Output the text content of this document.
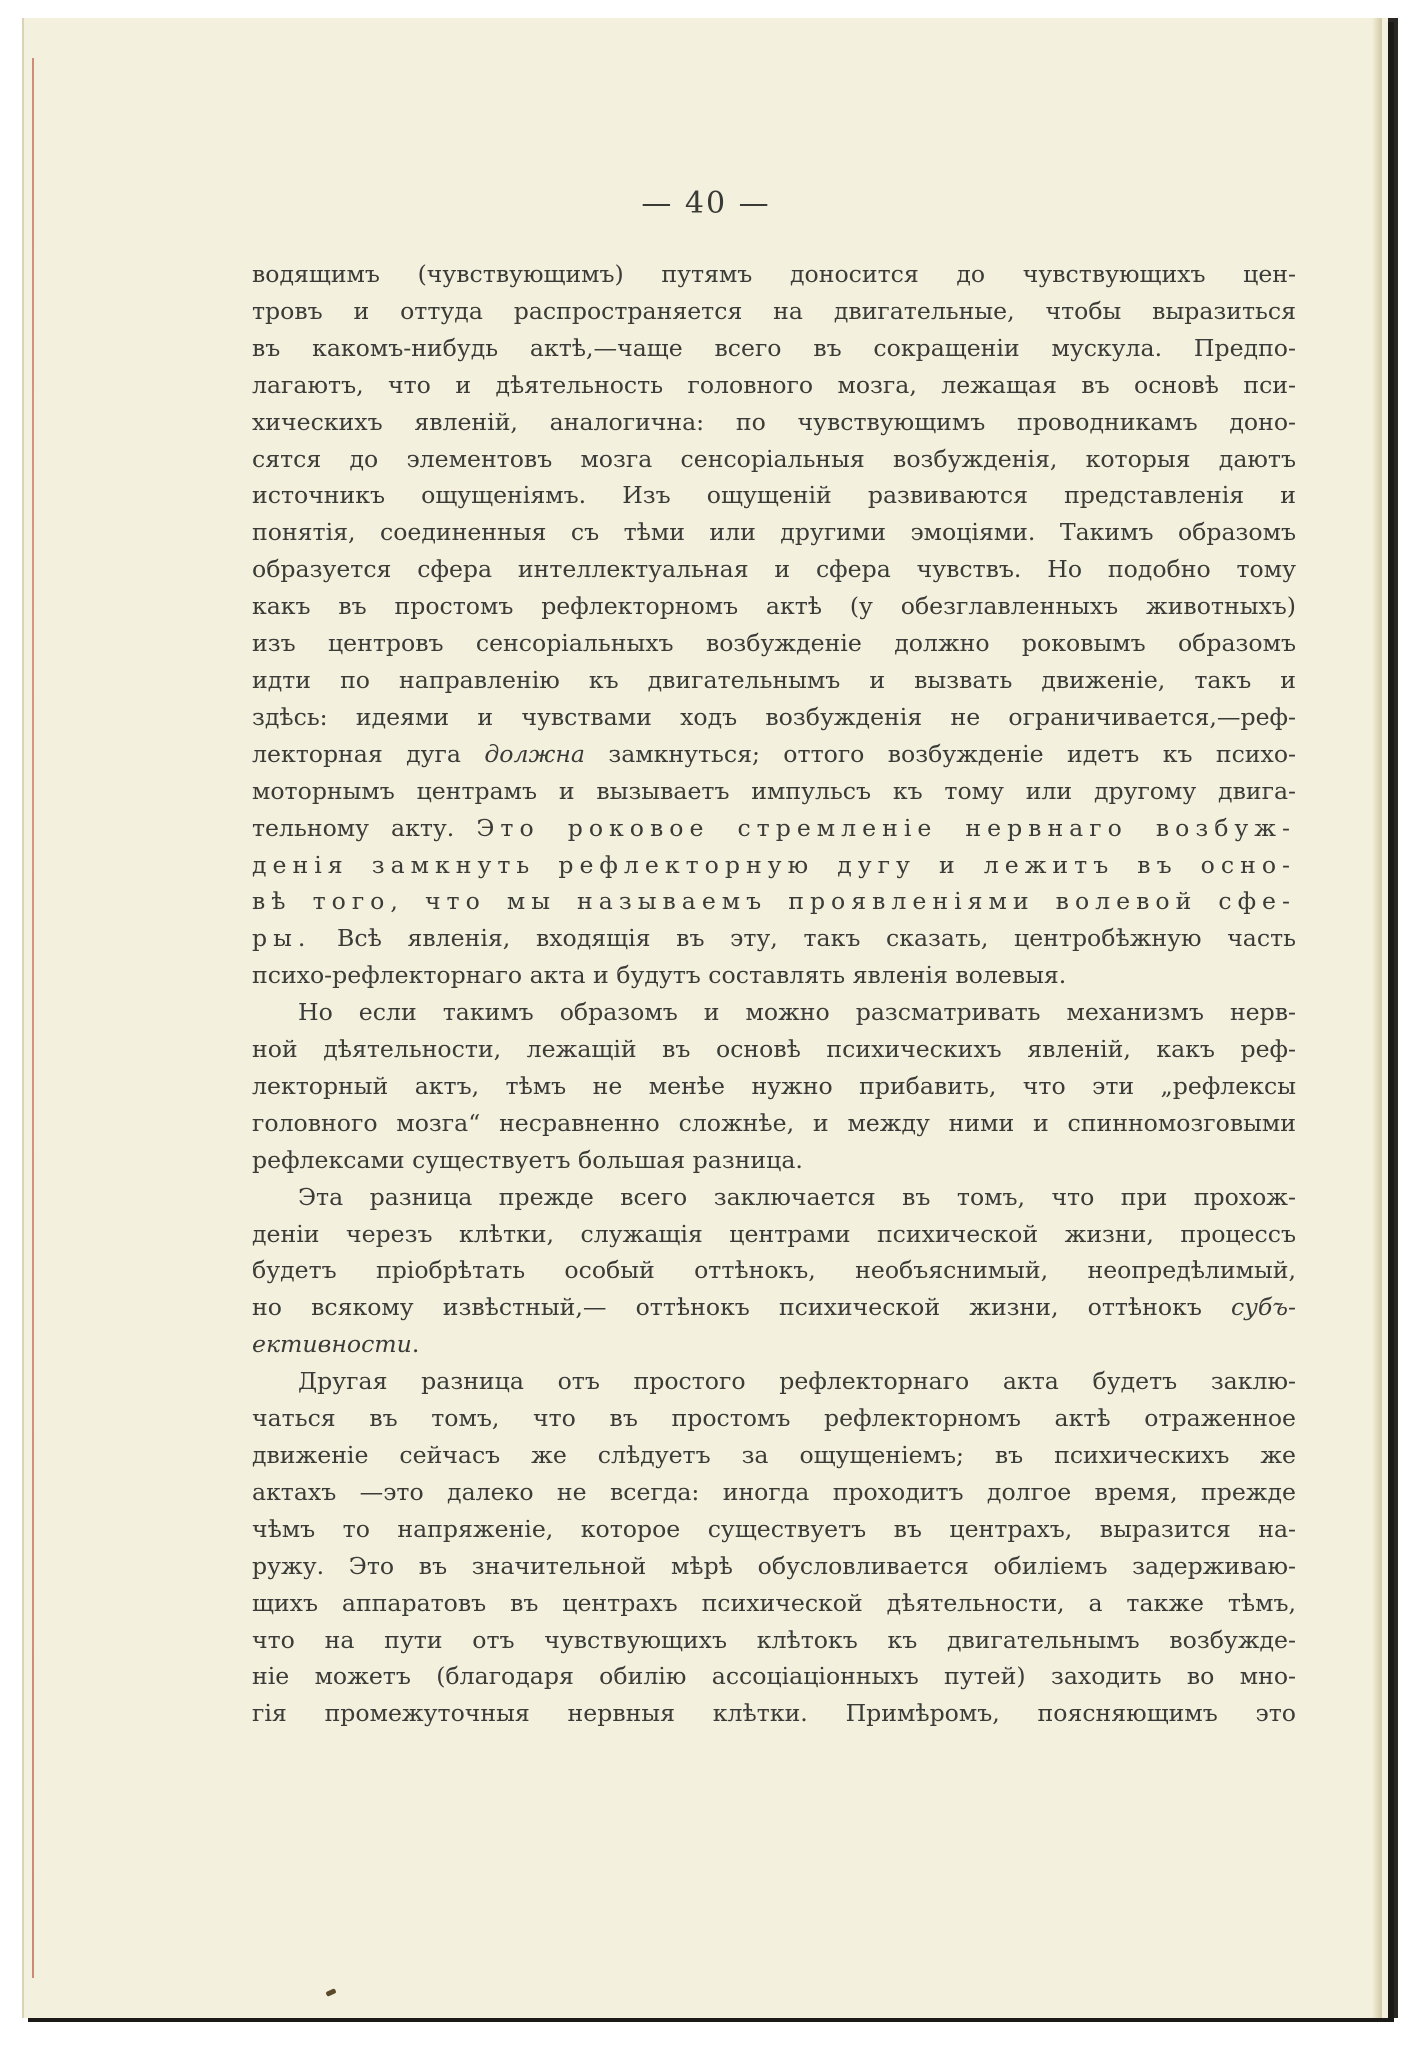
— 40 —
водящимъ (чувствующимъ) путямъ доносится до чувствующихъ цен-
тровъ и оттуда распространяется на двигательные, чтобы выразиться
въ какомъ-нибудь актѣ,—чаще всего въ сокращеніи мускула. Предпо-
лагаютъ, что и дѣятельность головного мозга, лежащая въ основѣ пси-
хическихъ явленій, аналогична: по чувствующимъ проводникамъ доно-
сятся до элементовъ мозга сенсоріальныя возбужденія, которыя даютъ
источникъ ощущеніямъ. Изъ ощущеній развиваются представленія и
понятія, соединенныя съ тѣми или другими эмоціями. Такимъ образомъ
образуется сфера интеллектуальная и сфера чувствъ. Но подобно тому
какъ въ простомъ рефлекторномъ актѣ (у обезглавленныхъ животныхъ)
изъ центровъ сенсоріальныхъ возбужденіе должно роковымъ образомъ
идти по направленію къ двигательнымъ и вызвать движеніе, такъ и
здѣсь: идеями и чувствами ходъ возбужденія не ограничивается,—реф-
лекторная дуга должна замкнуться; оттого возбужденіе идетъ къ психо-
моторнымъ центрамъ и вызываетъ импульсъ къ тому или другому двига-
тельному акту. Это роковое стремленіе нервнаго возбуж-
денія замкнуть рефлекторную дугу и лежитъ въ осно-
вѣ того, что мы называемъ проявленіями волевой сфе-
ры. Всѣ явленія, входящія въ эту, такъ сказать, центробѣжную часть
психо-рефлекторнаго акта и будутъ составлять явленія волевыя.
Но если такимъ образомъ и можно разсматривать механизмъ нерв-
ной дѣятельности, лежащій въ основѣ психическихъ явленій, какъ реф-
лекторный актъ, тѣмъ не менѣе нужно прибавить, что эти „рефлексы
головного мозга“ несравненно сложнѣе, и между ними и спинномозговыми
рефлексами существуетъ большая разница.
Эта разница прежде всего заключается въ томъ, что при прохож-
деніи черезъ клѣтки, служащія центрами психической жизни, процессъ
будетъ пріобрѣтать особый оттѣнокъ, необъяснимый, неопредѣлимый,
но всякому извѣстный,— оттѣнокъ психической жизни, оттѣнокъ субъ-
ективности.
Другая разница отъ простого рефлекторнаго акта будетъ заклю-
чаться въ томъ, что въ простомъ рефлекторномъ актѣ отраженное
движеніе сейчасъ же слѣдуетъ за ощущеніемъ; въ психическихъ же
актахъ —это далеко не всегда: иногда проходитъ долгое время, прежде
чѣмъ то напряженіе, которое существуетъ въ центрахъ, выразится на-
ружу. Это въ значительной мѣрѣ обусловливается обиліемъ задерживаю-
щихъ аппаратовъ въ центрахъ психической дѣятельности, а также тѣмъ,
что на пути отъ чувствующихъ клѣтокъ къ двигательнымъ возбужде-
ніе можетъ (благодаря обилію ассоціаціонныхъ путей) заходить во мно-
гія промежуточныя нервныя клѣтки. Примѣромъ, поясняющимъ это
